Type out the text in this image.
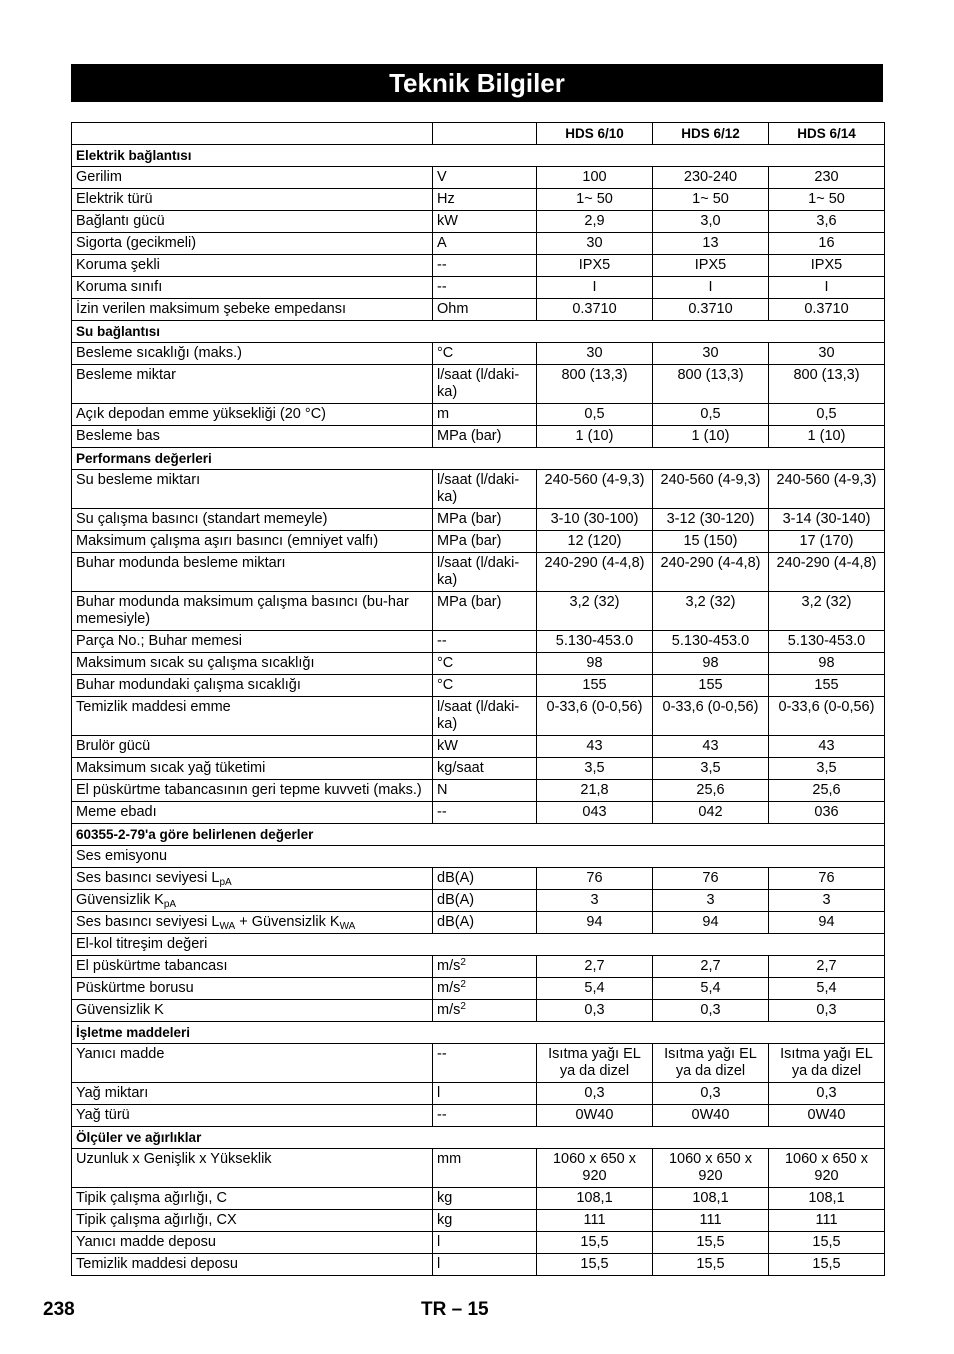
Teknik Bilgiler
		HDS 6/10	HDS 6/12	HDS 6/14
Elektrik bağlantısı				
Gerilim	V	100	230-240	230
Elektrik türü	Hz	1~ 50	1~ 50	1~ 50
Bağlantı gücü	kW	2,9	3,0	3,6
Sigorta (gecikmeli)	A	30	13	16
Koruma şekli	--	IPX5	IPX5	IPX5
Koruma sınıfı	--	I	I	I
İzin verilen maksimum şebeke empedansı	Ohm	0.3710	0.3710	0.3710
Su bağlantısı				
Besleme sıcaklığı (maks.)	°C	30	30	30
Besleme miktar	l/saat (l/daki-ka)	800 (13,3)	800 (13,3)	800 (13,3)
Açık depodan emme yüksekliği (20 °C)	m	0,5	0,5	0,5
Besleme bas	MPa (bar)	1 (10)	1 (10)	1 (10)
Performans değerleri				
Su besleme miktarı	l/saat (l/daki-ka)	240-560 (4-9,3)	240-560 (4-9,3)	240-560 (4-9,3)
Su çalışma basıncı (standart memeyle)	MPa (bar)	3-10 (30-100)	3-12 (30-120)	3-14 (30-140)
Maksimum çalışma aşırı basıncı (emniyet valfı)	MPa (bar)	12 (120)	15 (150)	17 (170)
Buhar modunda besleme miktarı	l/saat (l/daki-ka)	240-290 (4-4,8)	240-290 (4-4,8)	240-290 (4-4,8)
Buhar modunda maksimum çalışma basıncı (bu-har memesiyle)	MPa (bar)	3,2 (32)	3,2 (32)	3,2 (32)
Parça No.; Buhar memesi	--	5.130-453.0	5.130-453.0	5.130-453.0
Maksimum sıcak su çalışma sıcaklığı	°C	98	98	98
Buhar modundaki çalışma sıcaklığı	°C	155	155	155
Temizlik maddesi emme	l/saat (l/daki-ka)	0-33,6 (0-0,56)	0-33,6 (0-0,56)	0-33,6 (0-0,56)
Brulör gücü	kW	43	43	43
Maksimum sıcak yağ tüketimi	kg/saat	3,5	3,5	3,5
El püskürtme tabancasının geri tepme kuvveti (maks.)	N	21,8	25,6	25,6
Meme ebadı	--	043	042	036
60355-2-79'a göre belirlenen değerler				
Ses emisyonu				
Ses basıncı seviyesi $L_{pA}$	dB(A)	76	76	76
Güvensizlik $K_{pA}$	dB(A)	3	3	3
Ses basıncı seviyesi $L_{WA}$ + Güvensizlik $K_{WA}$	dB(A)	94	94	94
El-kol titreşim değeri				
El püskürtme tabancası	$m/s^2$	2,7	2,7	2,7
Püskürtme borusu	$m/s^2$	5,4	5,4	5,4
Güvensizlik K	$m/s^2$	0,3	0,3	0,3
İşletme maddeleri				
Yanıcı madde	--	Isıtma yağı EL ya da dizel	Isıtma yağı EL ya da dizel	Isıtma yağı EL ya da dizel
Yağ miktarı	l	0,3	0,3	0,3
Yağ türü	--	0W40	0W40	0W40
Ölçüler ve ağırlıklar				
Uzunluk x Genişlik x Yükseklik	mm	1060 x 650 x 920	1060 x 650 x 920	1060 x 650 x 920
Tipik çalışma ağırlığı, C	kg	108,1	108,1	108,1
Tipik çalışma ağırlığı, CX	kg	111	111	111
Yanıcı madde deposu	l	15,5	15,5	15,5
Temizlik maddesi deposu	l	15,5	15,5	15,5
238	TR – 15
